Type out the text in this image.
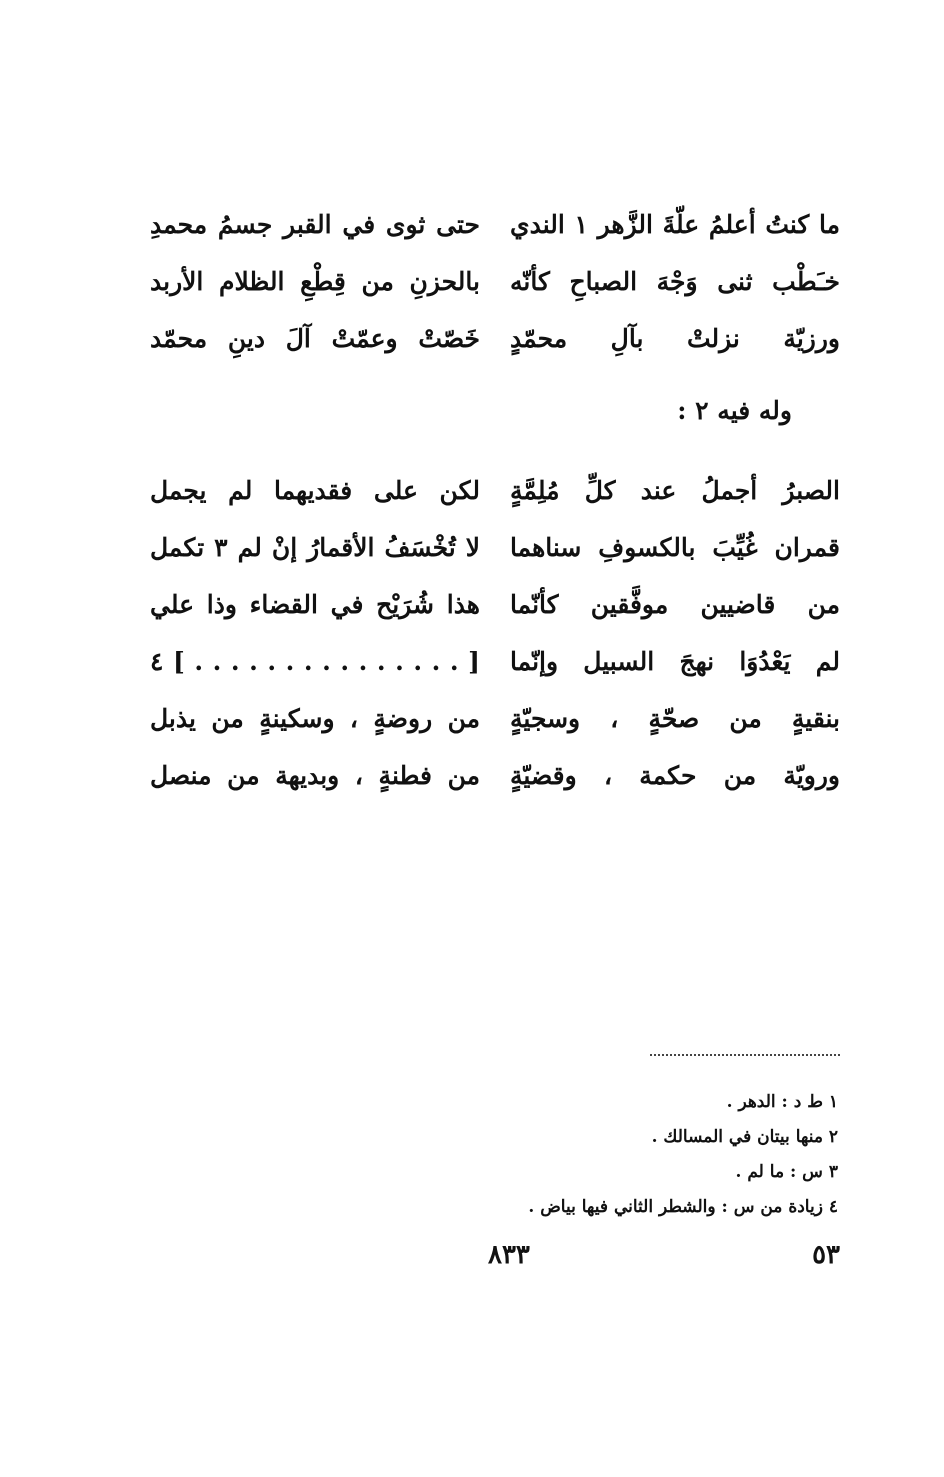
ما كنتُ أعلمُ علّةَ الزَّهر ١ الندي
حتى ثوى في القبر جسمُ محمدِ
خـَطْب ثنى وَجْهَ الصباحِ كأنّه
بالحزنِ من قِطْعِ الظلام الأربد
ورزيّة نزلتْ بآلِ محمّدٍ
خَصّتْ وعمّتْ آلَ دينِ محمّد
وله فيه ٢ :
الصبرُ أجملُ عند كلِّ مُلِمَّةٍ
لكن على فقديهما لم يجمل
قمران غُيِّبَ بالكسوفِ سناهما
لا تُخْسَفُ الأقمارُ إنْ لم ٣ تكمل
من قاضيين موفَّقين كأنّما
هذا شُرَيْح في القضاء وذا علي
لم يَعْدُوَا نهجَ السبيل وإنّما
[ . . . . . . . . . . . . . . . ] ٤
بنقيةٍ من صحّةٍ ، وسجيّةٍ
من روضةٍ ، وسكينةٍ من يذبل
ورويّة من حكمة ، وقضيّةٍ
من فطنةٍ ، وبديهة من منصل
١ ط د : الدهر .
٢ منها بيتان في المسالك .
٣ س : ما لم .
٤ زيادة من س : والشطر الثاني فيها بياض .
٥٣
٨٣٣
